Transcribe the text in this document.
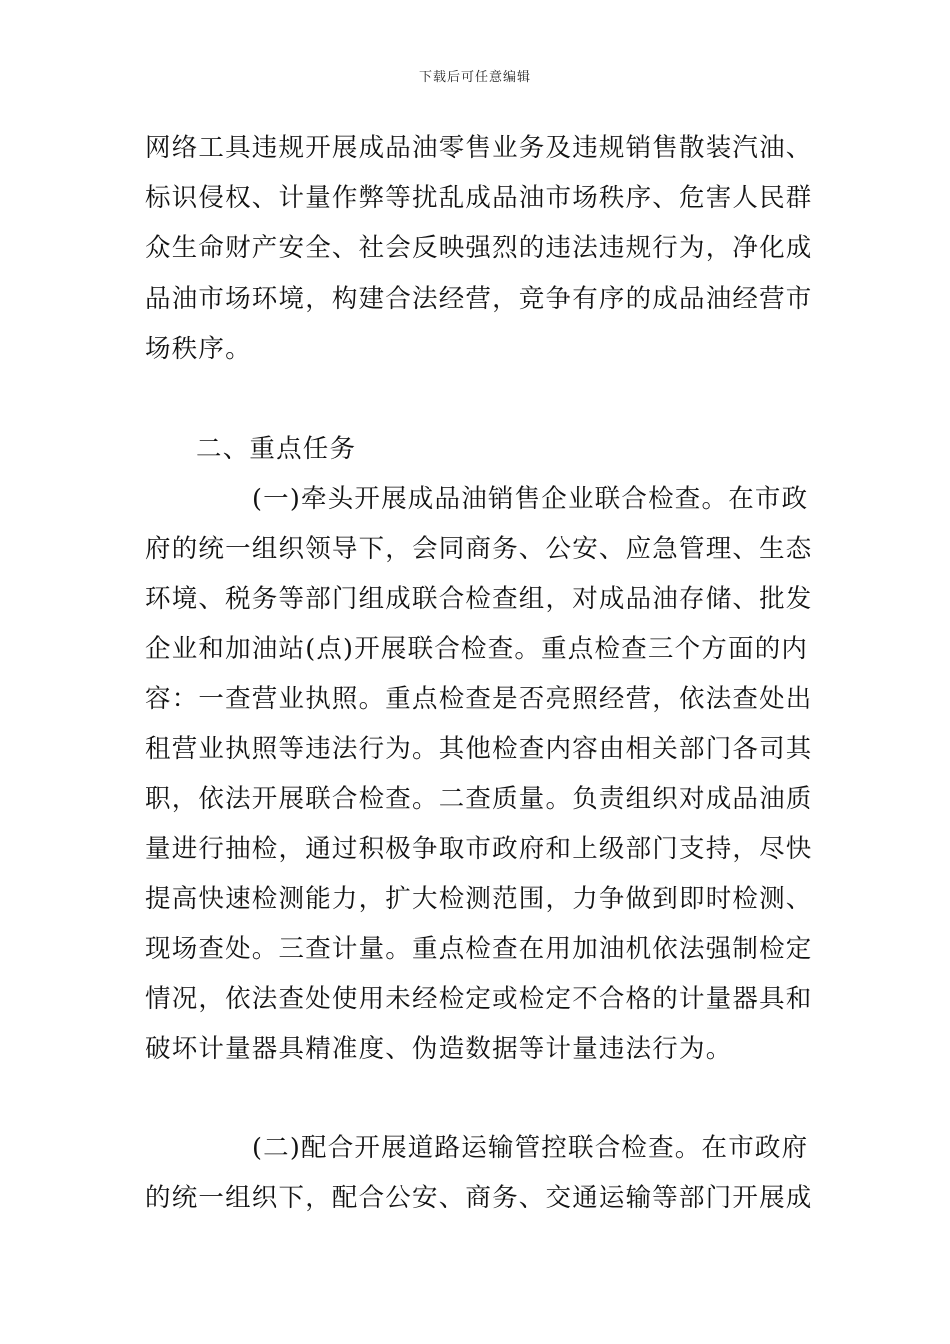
下载后可任意编辑
网络工具违规开展成品油零售业务及违规销售散装汽油、
标识侵权、计量作弊等扰乱成品油市场秩序、危害人民群
众生命财产安全、社会反映强烈的违法违规行为，净化成
品油市场环境，构建合法经营，竞争有序的成品油经营市
场秩序。
二、重点任务
(一)牵头开展成品油销售企业联合检查。在市政
府的统一组织领导下，会同商务、公安、应急管理、生态
环境、税务等部门组成联合检查组，对成品油存储、批发
企业和加油站(点)开展联合检查。重点检查三个方面的内
容：一查营业执照。重点检查是否亮照经营，依法查处出
租营业执照等违法行为。其他检查内容由相关部门各司其
职，依法开展联合检查。二查质量。负责组织对成品油质
量进行抽检，通过积极争取市政府和上级部门支持，尽快
提高快速检测能力，扩大检测范围，力争做到即时检测、
现场查处。三查计量。重点检查在用加油机依法强制检定
情况，依法查处使用未经检定或检定不合格的计量器具和
破坏计量器具精准度、伪造数据等计量违法行为。
(二)配合开展道路运输管控联合检查。在市政府
的统一组织下，配合公安、商务、交通运输等部门开展成
